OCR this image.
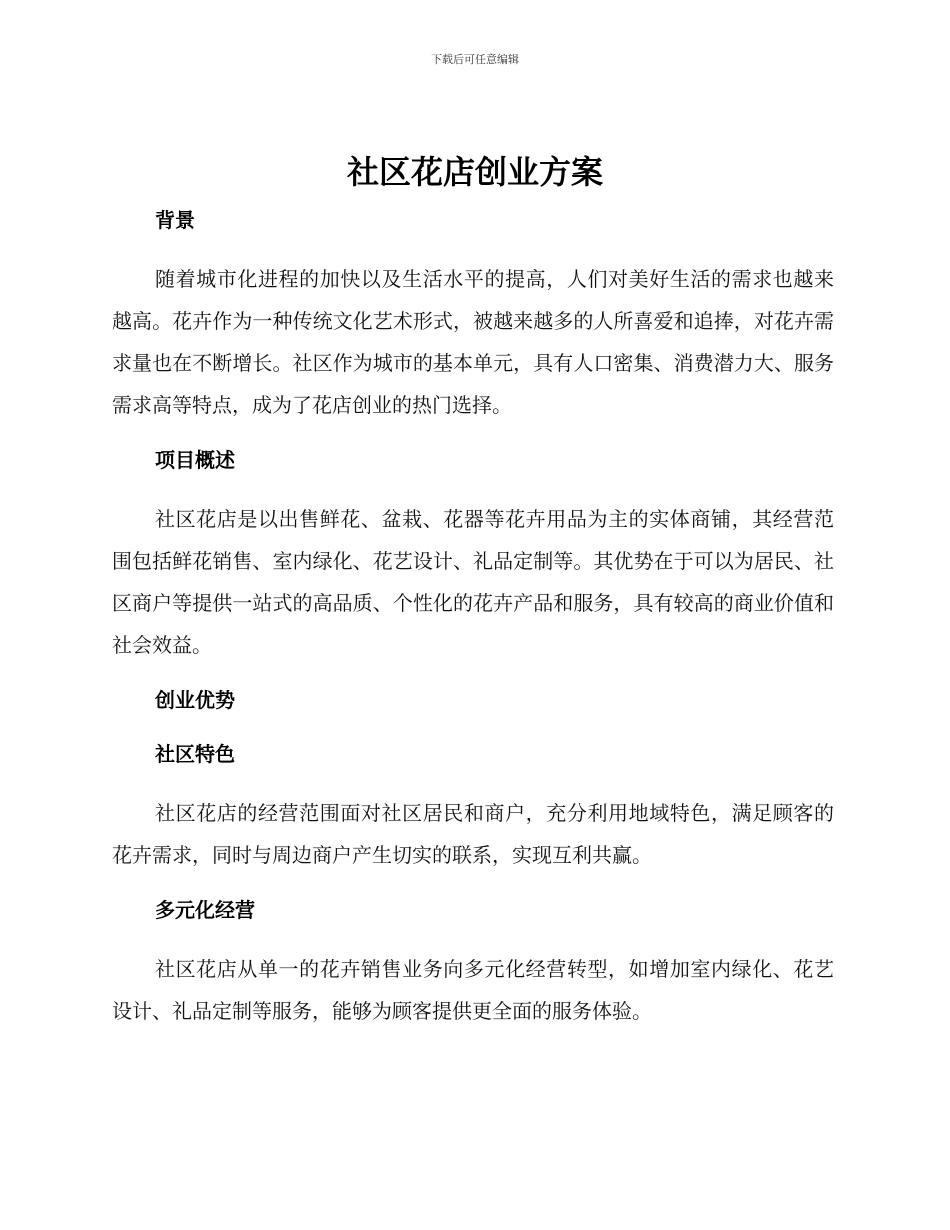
下载后可任意编辑
社区花店创业方案
背景

随着城市化进程的加快以及生活水平的提高，人们对美好生活的需求也越来越高。花卉作为一种传统文化艺术形式，被越来越多的人所喜爱和追捧，对花卉需求量也在不断增长。社区作为城市的基本单元，具有人口密集、消费潜力大、服务需求高等特点，成为了花店创业的热门选择。

项目概述

社区花店是以出售鲜花、盆栽、花器等花卉用品为主的实体商铺，其经营范围包括鲜花销售、室内绿化、花艺设计、礼品定制等。其优势在于可以为居民、社区商户等提供一站式的高品质、个性化的花卉产品和服务，具有较高的商业价值和社会效益。

创业优势
社区特色

社区花店的经营范围面对社区居民和商户，充分利用地域特色，满足顾客的花卉需求，同时与周边商户产生切实的联系，实现互利共赢。

多元化经营

社区花店从单一的花卉销售业务向多元化经营转型，如增加室内绿化、花艺设计、礼品定制等服务，能够为顾客提供更全面的服务体验。
